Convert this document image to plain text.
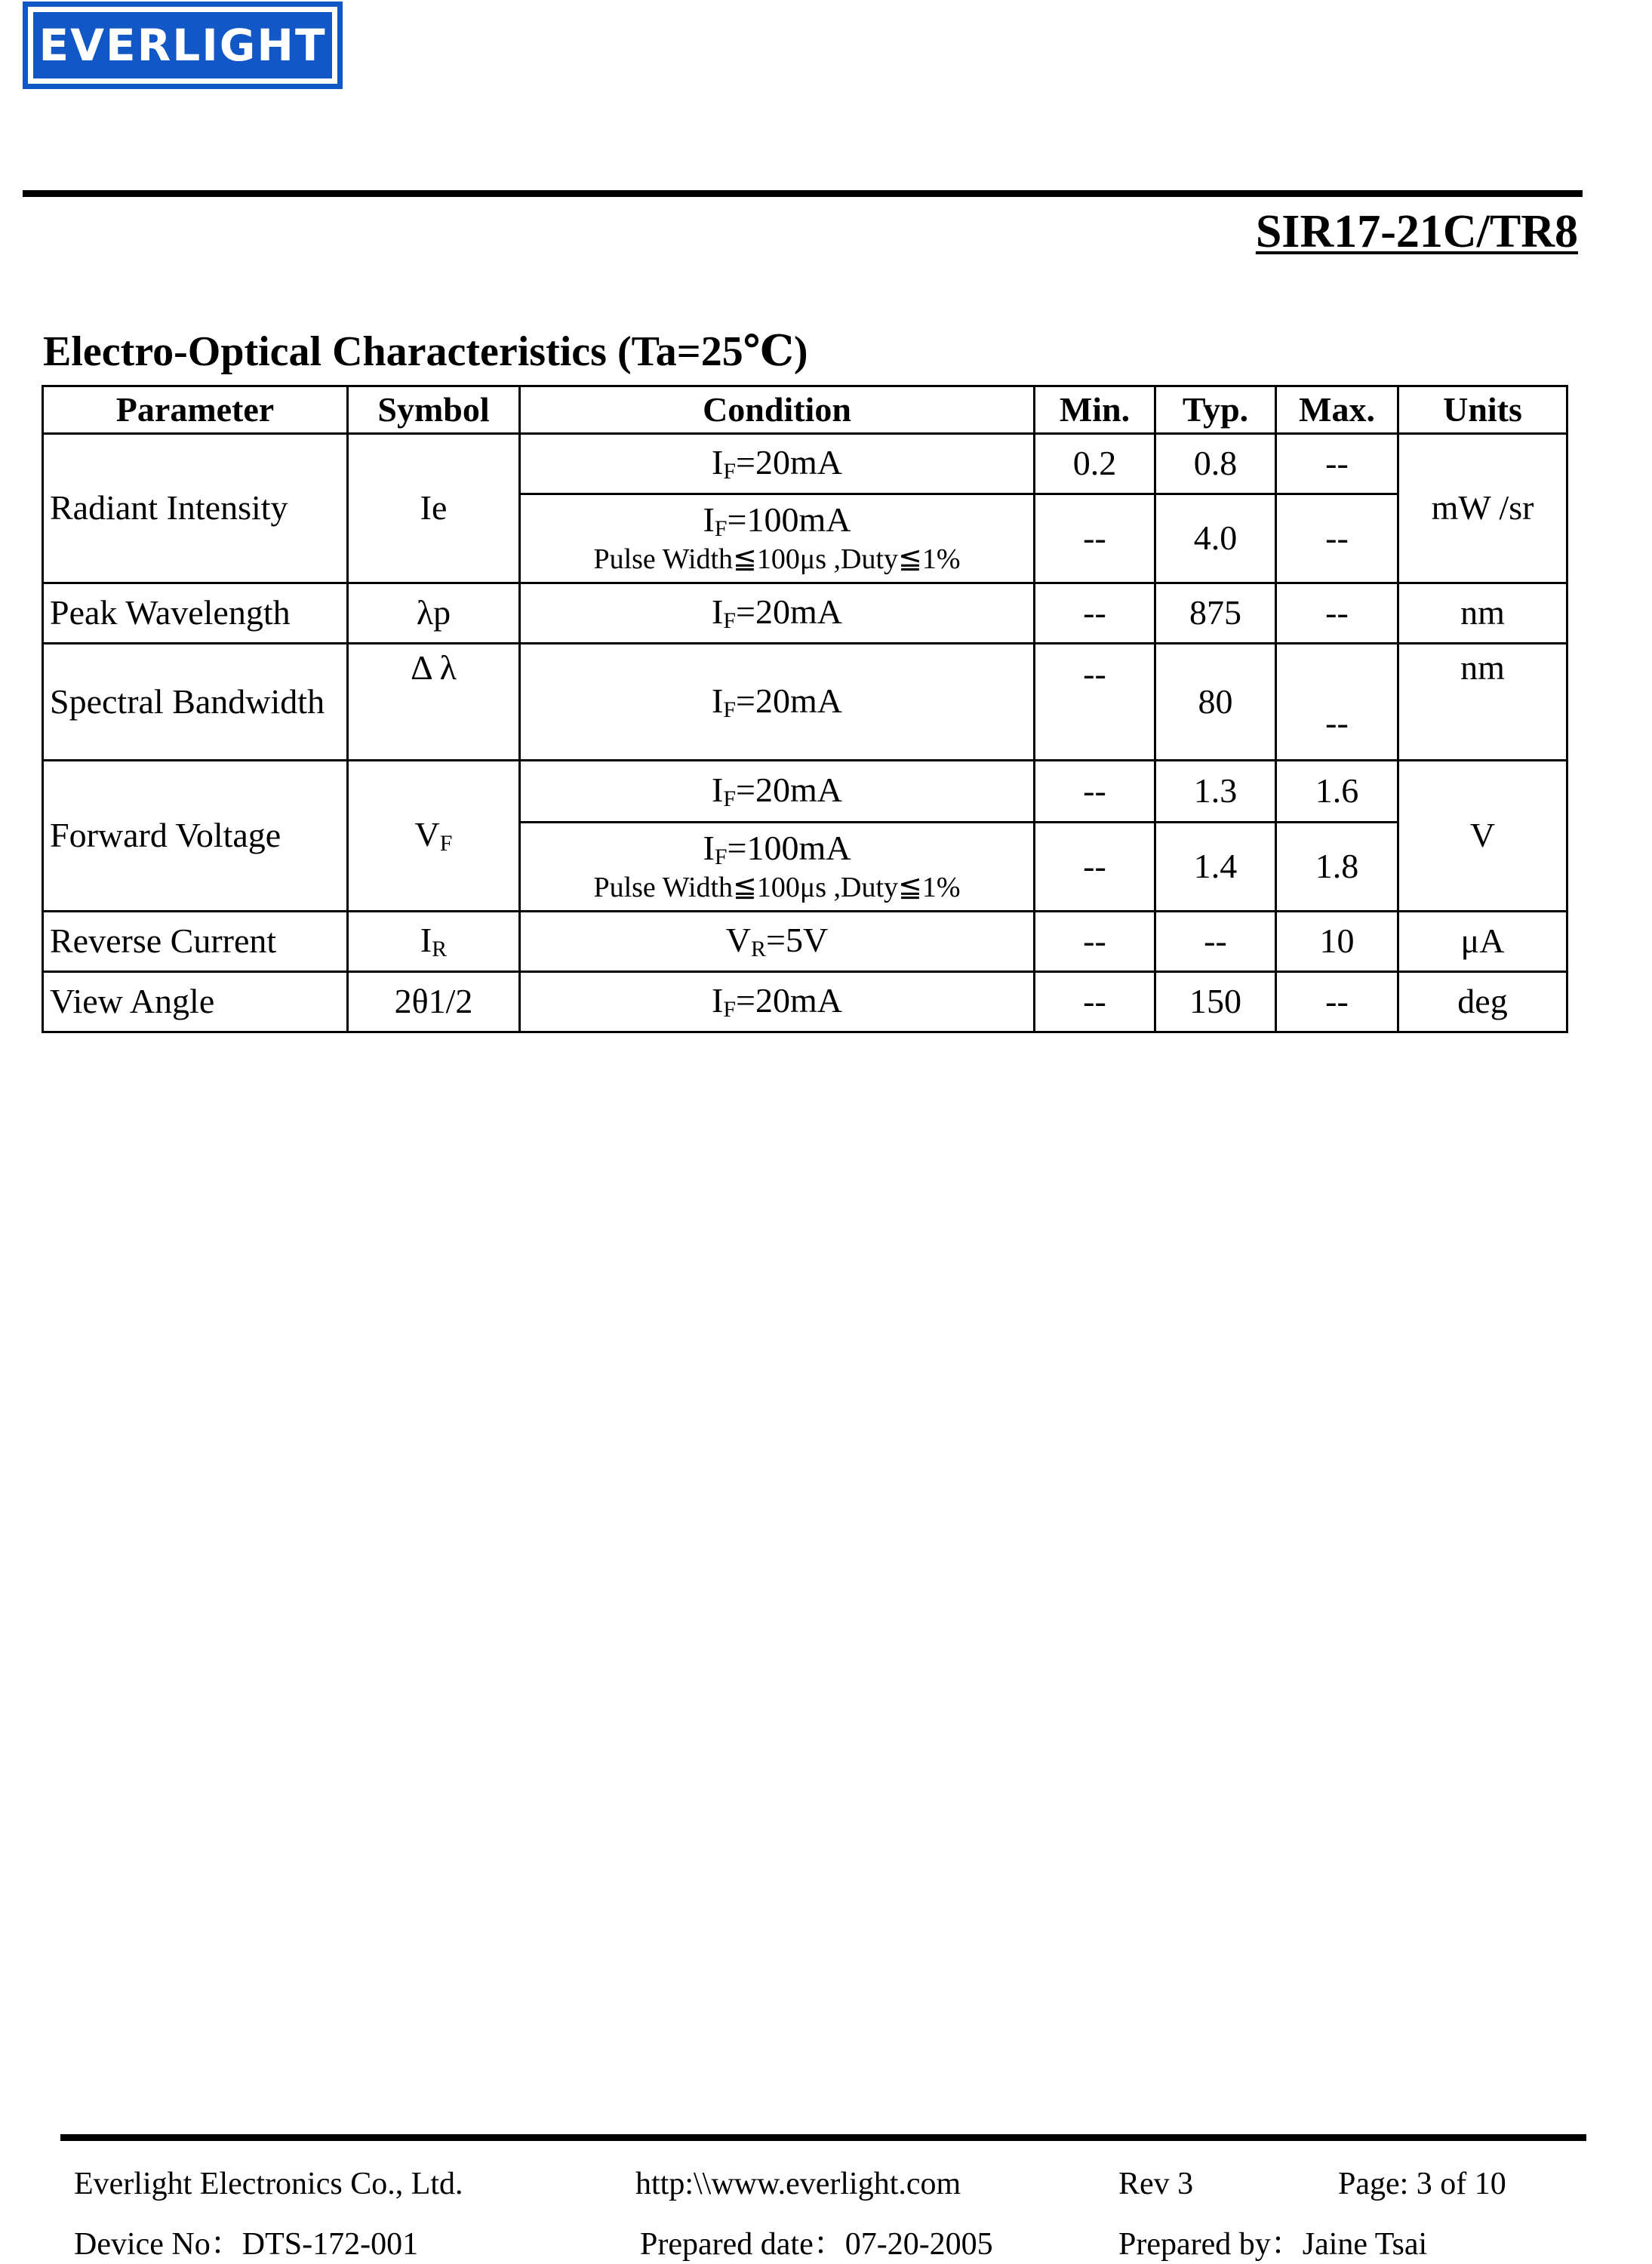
EVERLIGHT
SIR17-21C/TR8
Electro-Optical Characteristics (Ta=25℃)
Parameter	Symbol	Condition	Min.	Typ.	Max.	Units
Radiant Intensity	Ie	$I_F=20mA$	0.2	0.8	--	mW /sr
		$I_F=100mA$
Pulse Width≦100μs ,Duty≦1%	--	4.0	--	
Peak Wavelength	λp	$I_F=20mA$	--	875	--	nm
Spectral Bandwidth	Δ λ	$I_F=20mA$	--	80	--	nm
Forward Voltage	$V_F$	$I_F=20mA$	--	1.3	1.6	V
		$I_F=100mA$
Pulse Width≦100μs ,Duty≦1%	--	1.4	1.8	
Reverse Current	$I_R$	$V_R=5V$	--	--	10	μA
View Angle	2θ1/2	$I_F=20mA$	--	150	--	deg
Everlight Electronics Co., Ltd.	http:\\www.everlight.com	Rev 3	Page: 3 of 10
Device No：DTS-172-001	Prepared date：07-20-2005	Prepared by：Jaine Tsai
